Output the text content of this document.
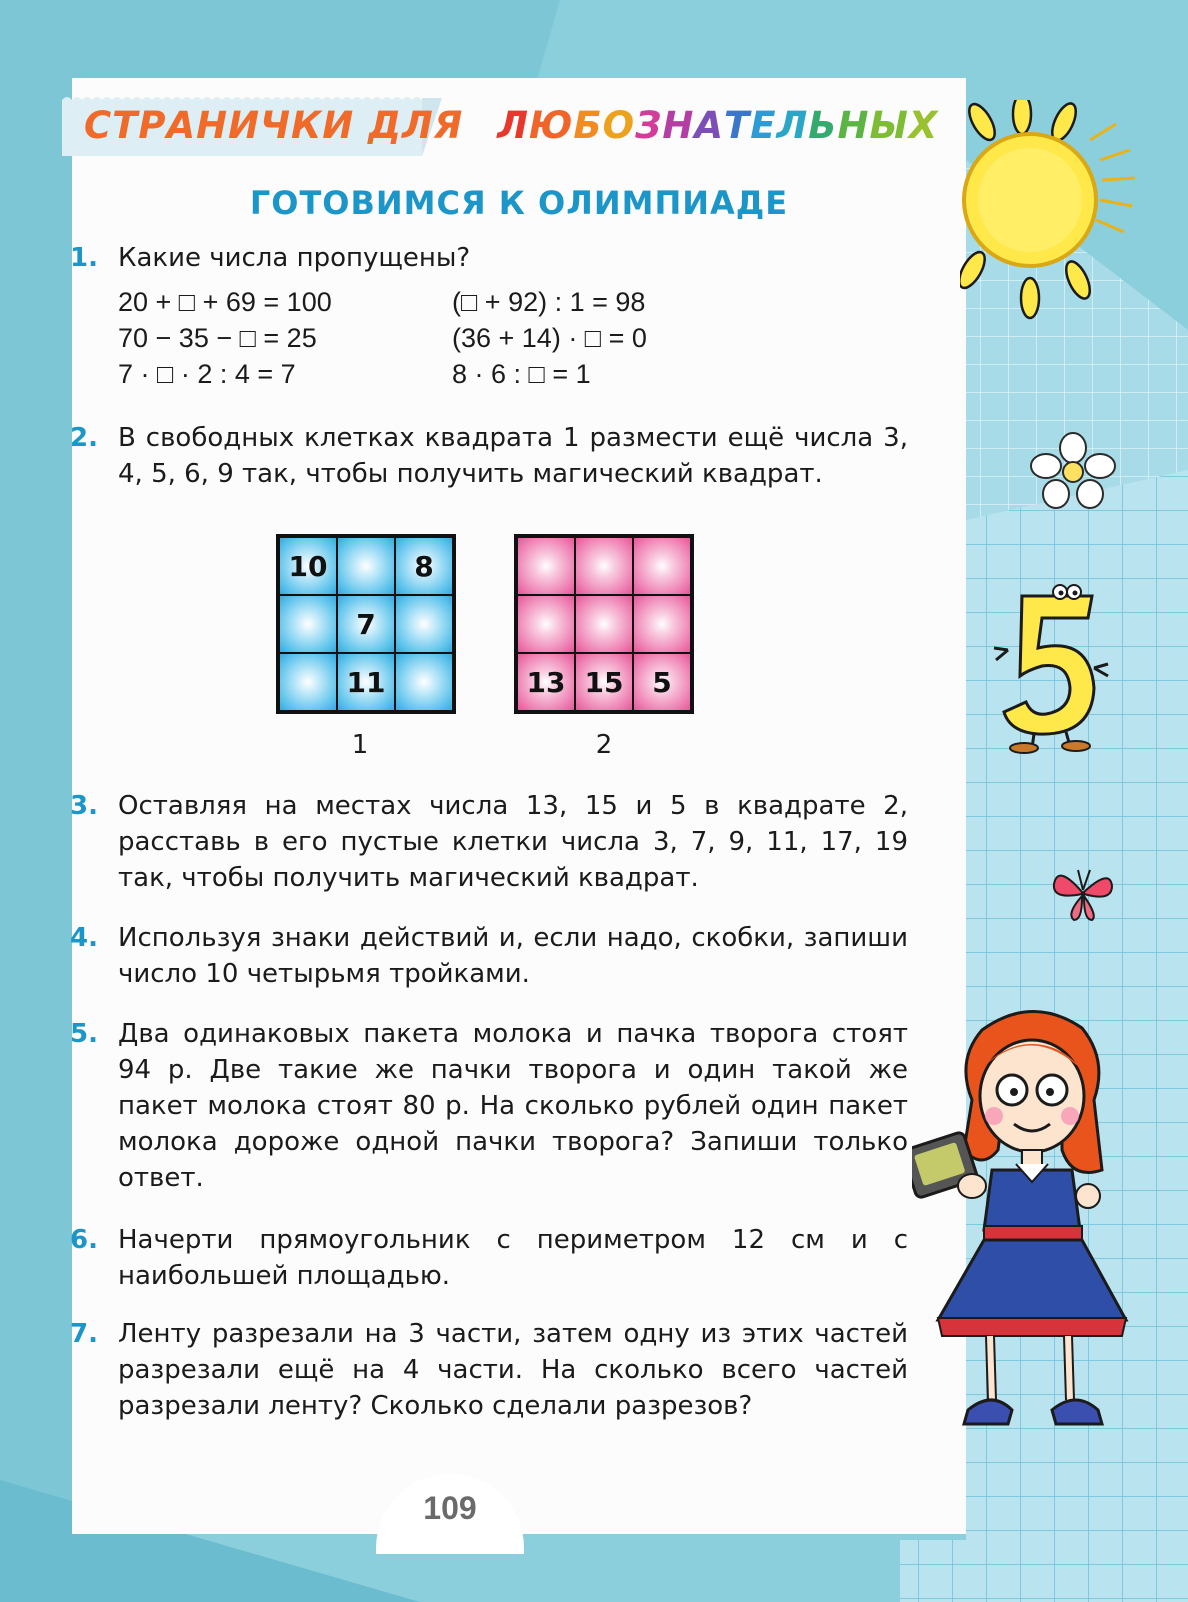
СТРАНИЧКИ ДЛЯ ЛЮБОЗНАТЕЛЬНЫХ
ГОТОВИМСЯ К ОЛИМПИАДЕ
1. Какие числа пропущены?
20 + □ + 69 = 100
70 − 35 − □ = 25
7 · □ · 2 : 4 = 7
(□ + 92) : 1 = 98
(36 + 14) · □ = 0
8 · 6 : □ = 1
2. В свободных клетках квадрата 1 размести ещё числа 3, 4, 5, 6, 9 так, чтобы получить магический квадрат.
10	8
7
11
1
13 15	5
2
3. Оставляя на местах числа 13, 15 и 5 в квадрате 2, расставь в его пустые клетки числа 3, 7, 9, 11, 17, 19 так, чтобы получить магический квадрат.
4. Используя знаки действий и, если надо, скобки, запиши число 10 четырьмя тройками.
5. Два одинаковых пакета молока и пачка творога стоят 94 р. Две такие же пачки творога и один такой же пакет молока стоят 80 р. На сколько рублей один пакет молока дороже одной пачки творога? Запиши только ответ.
6. Начерти прямоугольник с периметром 12 см и с наибольшей площадью.
7. Ленту разрезали на 3 части, затем одну из этих частей разрезали ещё на 4 части. На сколько всего частей разрезали ленту? Сколько сделали разрезов?
109
